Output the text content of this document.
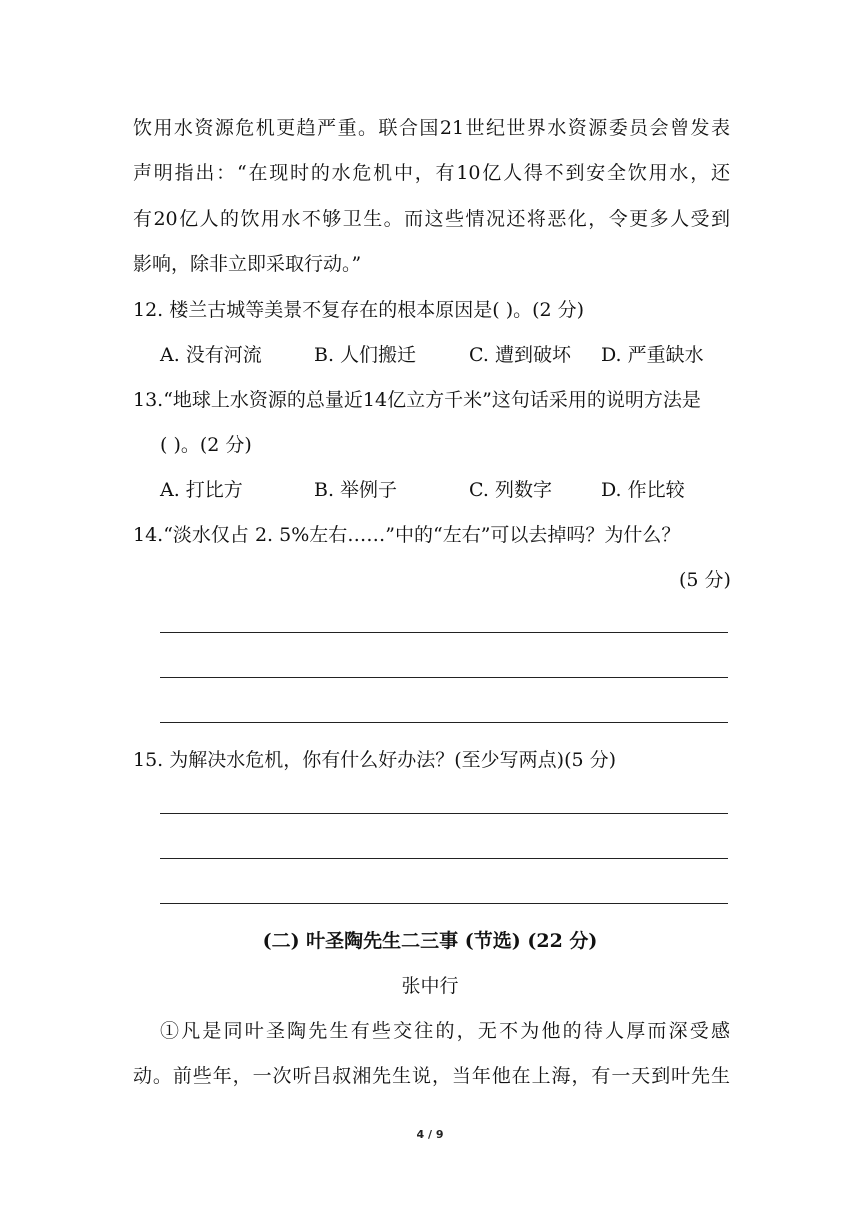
饮用水资源危机更趋严重。联合国21世纪世界水资源委员会曾发表
声明指出：“在现时的水危机中，有10亿人得不到安全饮用水，还
有20亿人的饮用水不够卫生。而这些情况还将恶化，令更多人受到
影响，除非立即采取行动。”
12. 楼兰古城等美景不复存在的根本原因是( )。(2 分)
A. 没有河流	B. 人们搬迁	C. 遭到破坏 D. 严重缺水
13.“地球上水资源的总量近14亿立方千米”这句话采用的说明方法是
( )。(2 分)
A. 打比方	B. 举例子	C. 列数字	D. 作比较
14.“淡水仅占 2. 5%左右……”中的“左右”可以去掉吗？为什么？
(5 分)
15. 为解决水危机，你有什么好办法？(至少写两点)(5 分)
(二) 叶圣陶先生二三事 (节选) (22 分)
张中行
①凡是同叶圣陶先生有些交往的，无不为他的待人厚而深受感
动。前些年，一次听吕叔湘先生说，当年他在上海，有一天到叶先生
4 / 9
